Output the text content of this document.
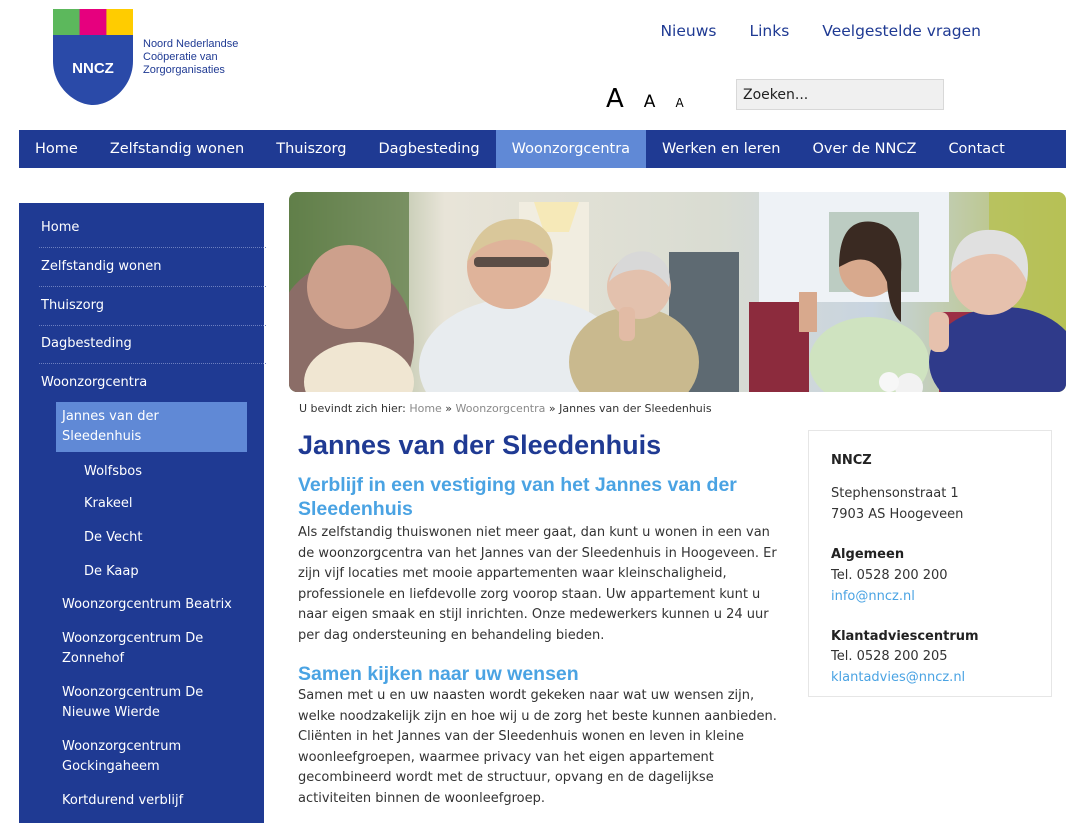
NNCZ
Noord Nederlandse
Coöperatie van
Zorgorganisaties
Nieuws Links Veelgestelde vragen
A A A
Zoeken...
Home	Zelfstandig wonen	Thuiszorg	Dagbesteding	Woonzorgcentra	Werken en leren	Over de NNCZ	Contact
Home
Zelfstandig wonen
Thuiszorg
Dagbesteding
Woonzorgcentra
Jannes van der
Sleedenhuis
Wolfsbos
Krakeel
De Vecht
De Kaap
Woonzorgcentrum Beatrix
Woonzorgcentrum De
Zonnehof
Woonzorgcentrum De
Nieuwe Wierde
Woonzorgcentrum
Gockingaheem
Kortdurend verblijf
U bevindt zich hier: Home » Woonzorgcentra » Jannes van der Sleedenhuis
Jannes van der Sleedenhuis
Verblijf in een vestiging van het Jannes van der
Sleedenhuis

Als zelfstandig thuiswonen niet meer gaat, dan kunt u wonen in een van de woonzorgcentra van het Jannes van der Sleedenhuis in Hoogeveen. Er zijn vijf locaties met mooie appartementen waar kleinschaligheid, professionele en liefdevolle zorg voorop staan. Uw appartement kunt u naar eigen smaak en stijl inrichten. Onze medewerkers kunnen u 24 uur per dag ondersteuning en behandeling bieden.

Samen kijken naar uw wensen

Samen met u en uw naasten wordt gekeken naar wat uw wensen zijn, welke noodzakelijk zijn en hoe wij u de zorg het beste kunnen aanbieden. Cliënten in het Jannes van der Sleedenhuis wonen en leven in kleine woonleefgroepen, waarmee privacy van het eigen appartement gecombineerd wordt met de structuur, opvang en de dagelijkse activiteiten binnen de woonleefgroep.

NNCZ
Stephensonstraat 1
7903 AS Hoogeveen
Algemeen
Tel. 0528 200 200
info@nncz.nl
Klantadviescentrum
Tel. 0528 200 205
klantadvies@nncz.nl
